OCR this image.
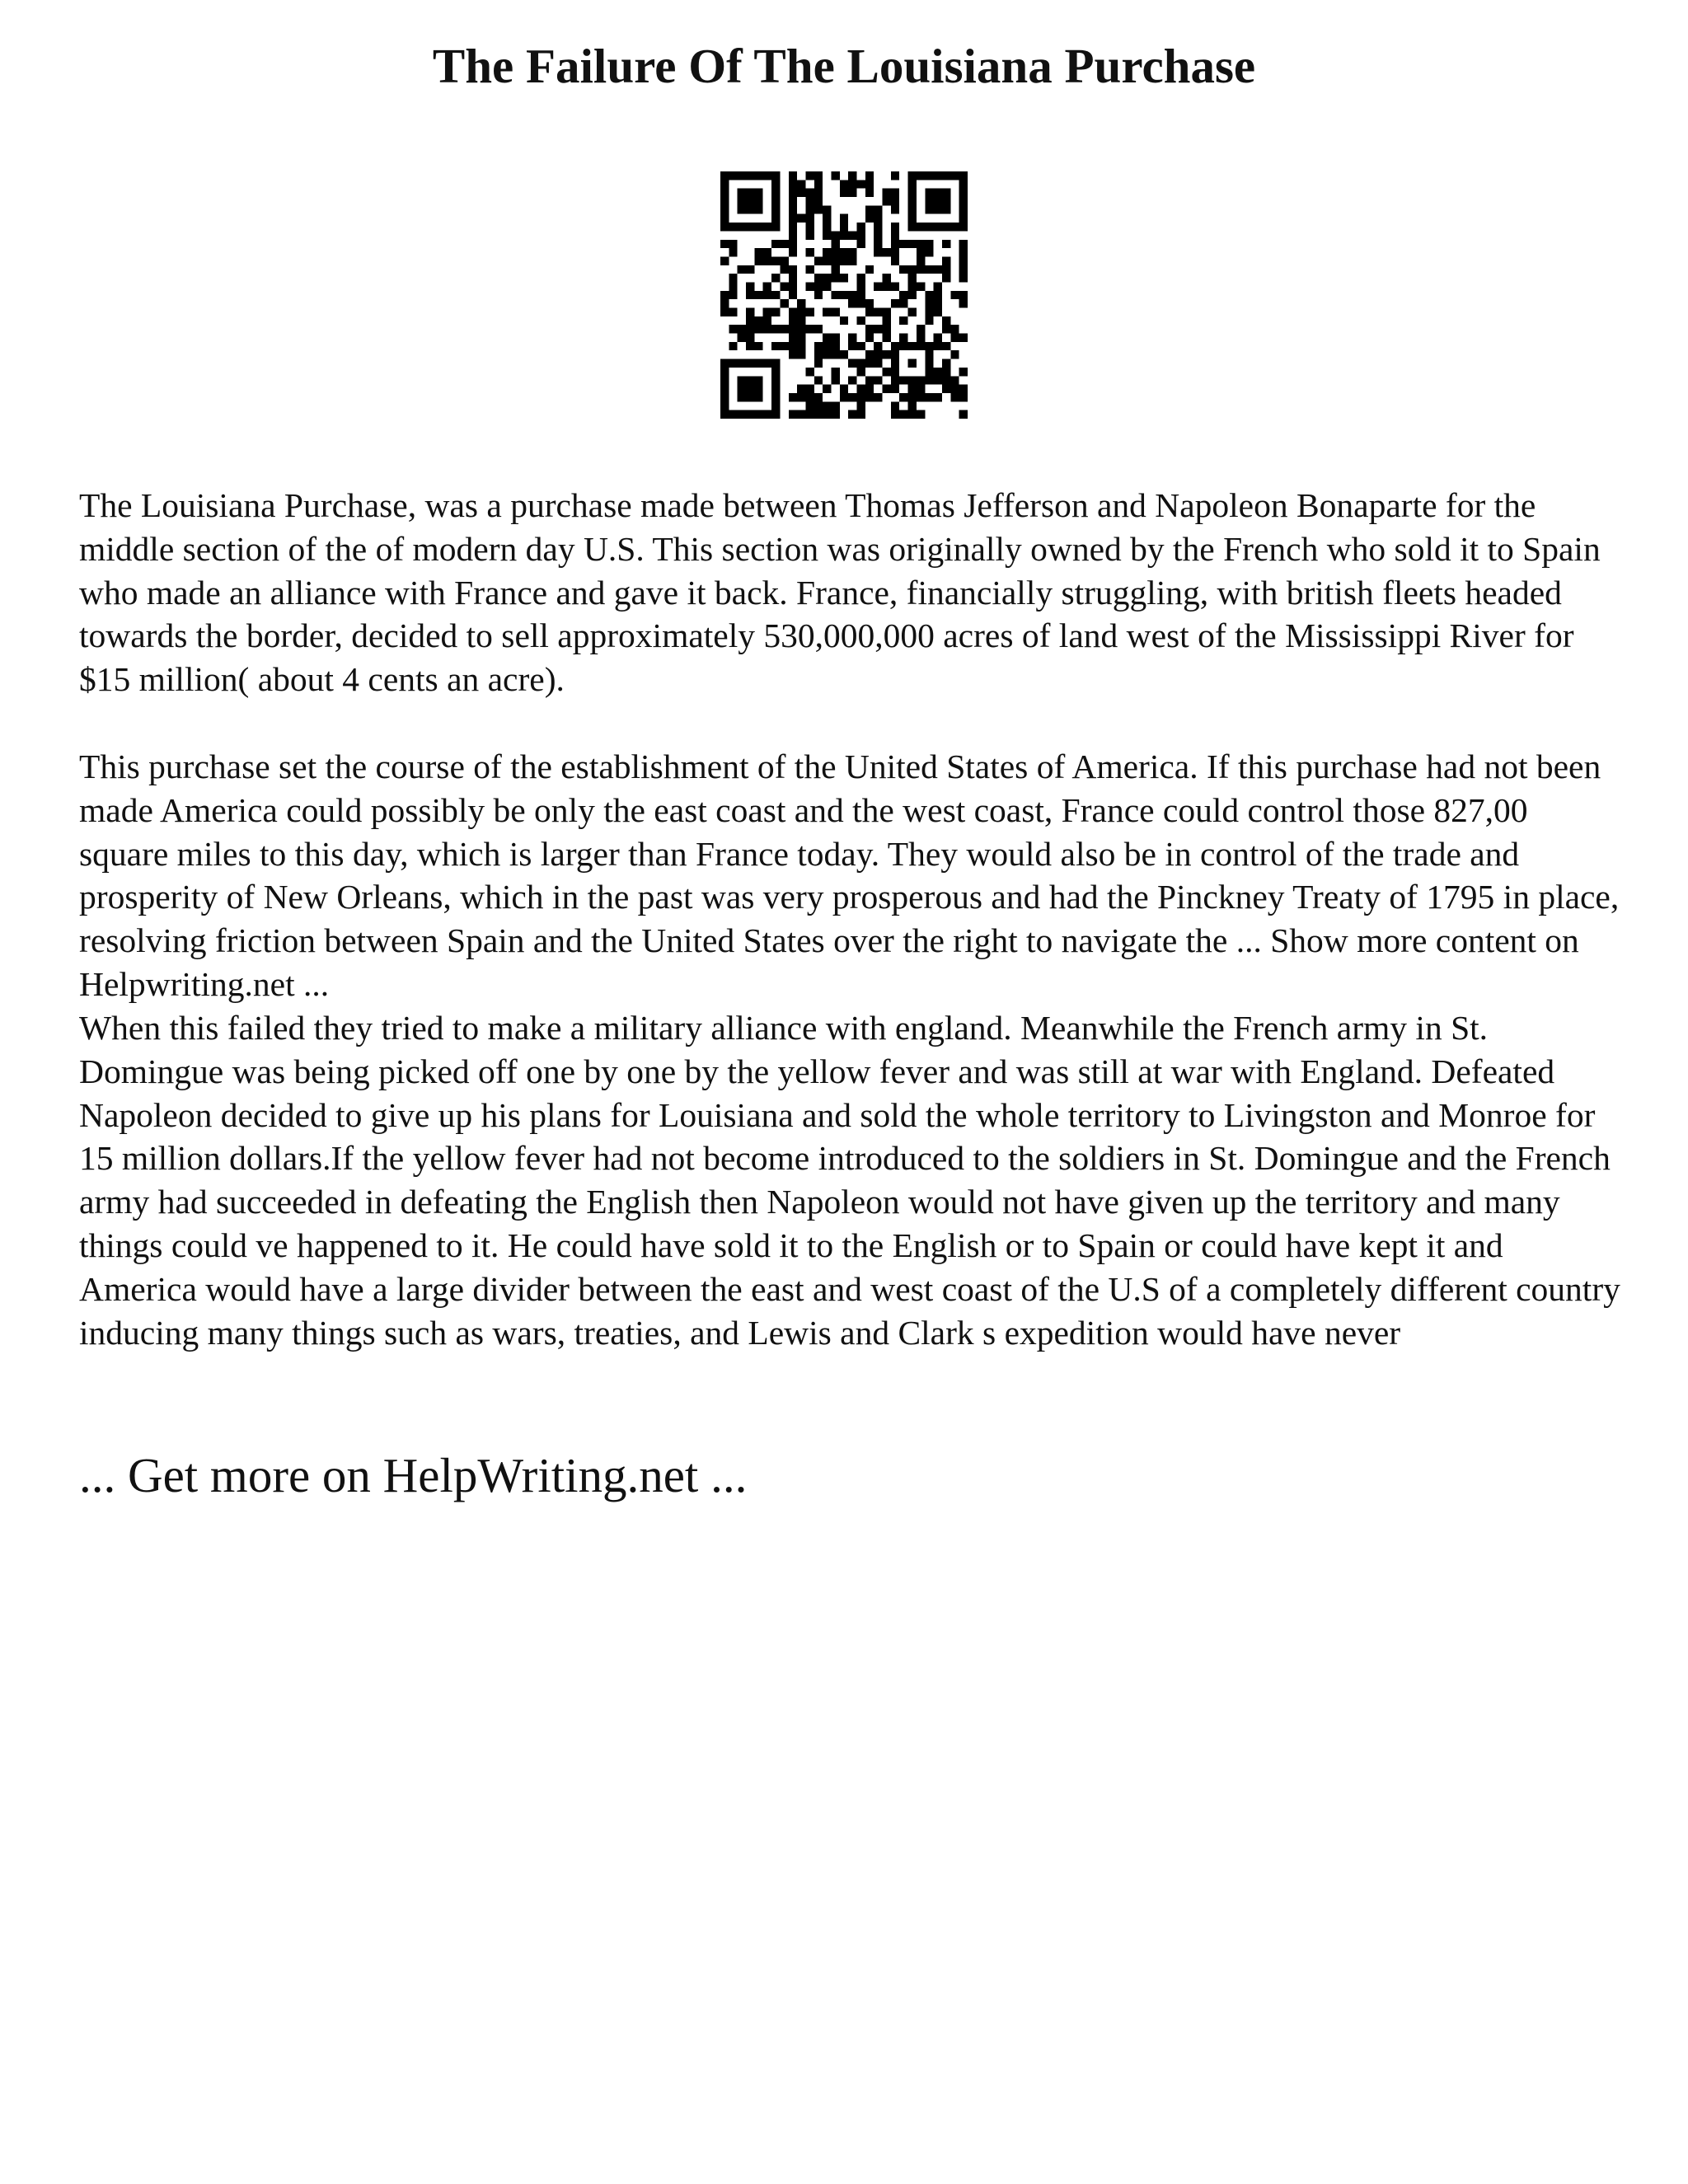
The Failure Of The Louisiana Purchase

The Louisiana Purchase, was a purchase made between Thomas Jefferson and Napoleon Bonaparte for the middle section of the of modern day U.S. This section was originally owned by the French who sold it to Spain who made an alliance with France and gave it back. France, financially struggling, with british fleets headed towards the border, decided to sell approximately 530,000,000 acres of land west of the Mississippi River for $15 million( about 4 cents an acre).

This purchase set the course of the establishment of the United States of America. If this purchase had not been made America could possibly be only the east coast and the west coast, France could control those 827,00 square miles to this day, which is larger than France today. They would also be in control of the trade and prosperity of New Orleans, which in the past was very prosperous and had the Pinckney Treaty of 1795 in place, resolving friction between Spain and the United States over the right to navigate the ... Show more content on Helpwriting.net ...

When this failed they tried to make a military alliance with england. Meanwhile the French army in St. Domingue was being picked off one by one by the yellow fever and was still at war with England. Defeated Napoleon decided to give up his plans for Louisiana and sold the whole territory to Livingston and Monroe for 15 million dollars.If the yellow fever had not become introduced to the soldiers in St. Domingue and the French army had succeeded in defeating the English then Napoleon would not have given up the territory and many things could ve happened to it. He could have sold it to the English or to Spain or could have kept it and America would have a large divider between the east and west coast of the U.S of a completely different country inducing many things such as wars, treaties, and Lewis and Clark s expedition would have never

... Get more on HelpWriting.net ...
